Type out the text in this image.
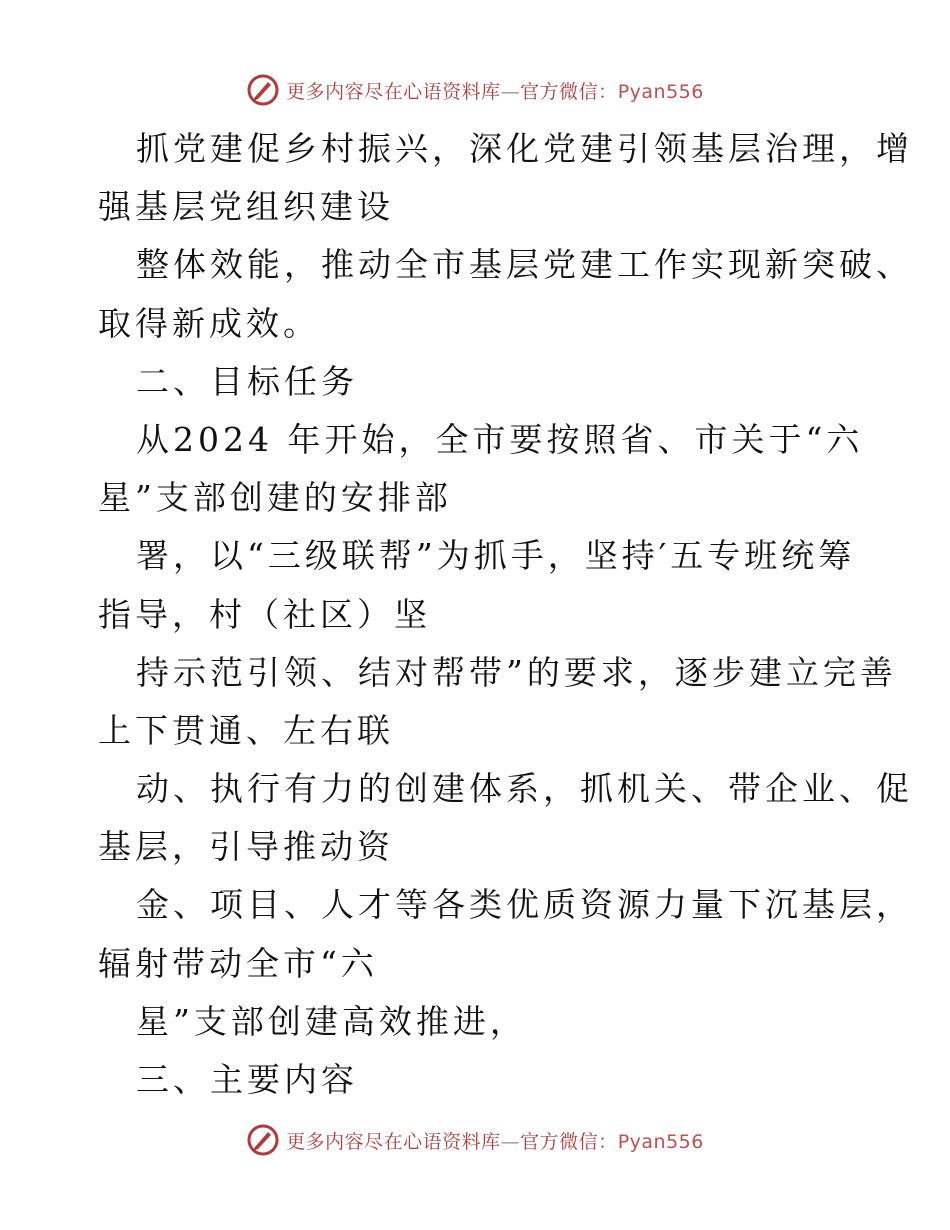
更多内容尽在心语资料库—官方微信：Pyan556
抓党建促乡村振兴，深化党建引领基层治理，增
强基层党组织建设
整体效能，推动全市基层党建工作实现新突破、
取得新成效。
二、目标任务
从2024 年开始，全市要按照省、市关于“六
星”支部创建的安排部
署，以“三级联帮”为抓手，坚持′五专班统筹
指导，村（社区）坚
持示范引领、结对帮带”的要求，逐步建立完善
上下贯通、左右联
动、执行有力的创建体系，抓机关、带企业、促
基层，引导推动资
金、项目、人才等各类优质资源力量下沉基层，
辐射带动全市“六
星”支部创建高效推进，
三、主要内容
更多内容尽在心语资料库—官方微信：Pyan556
